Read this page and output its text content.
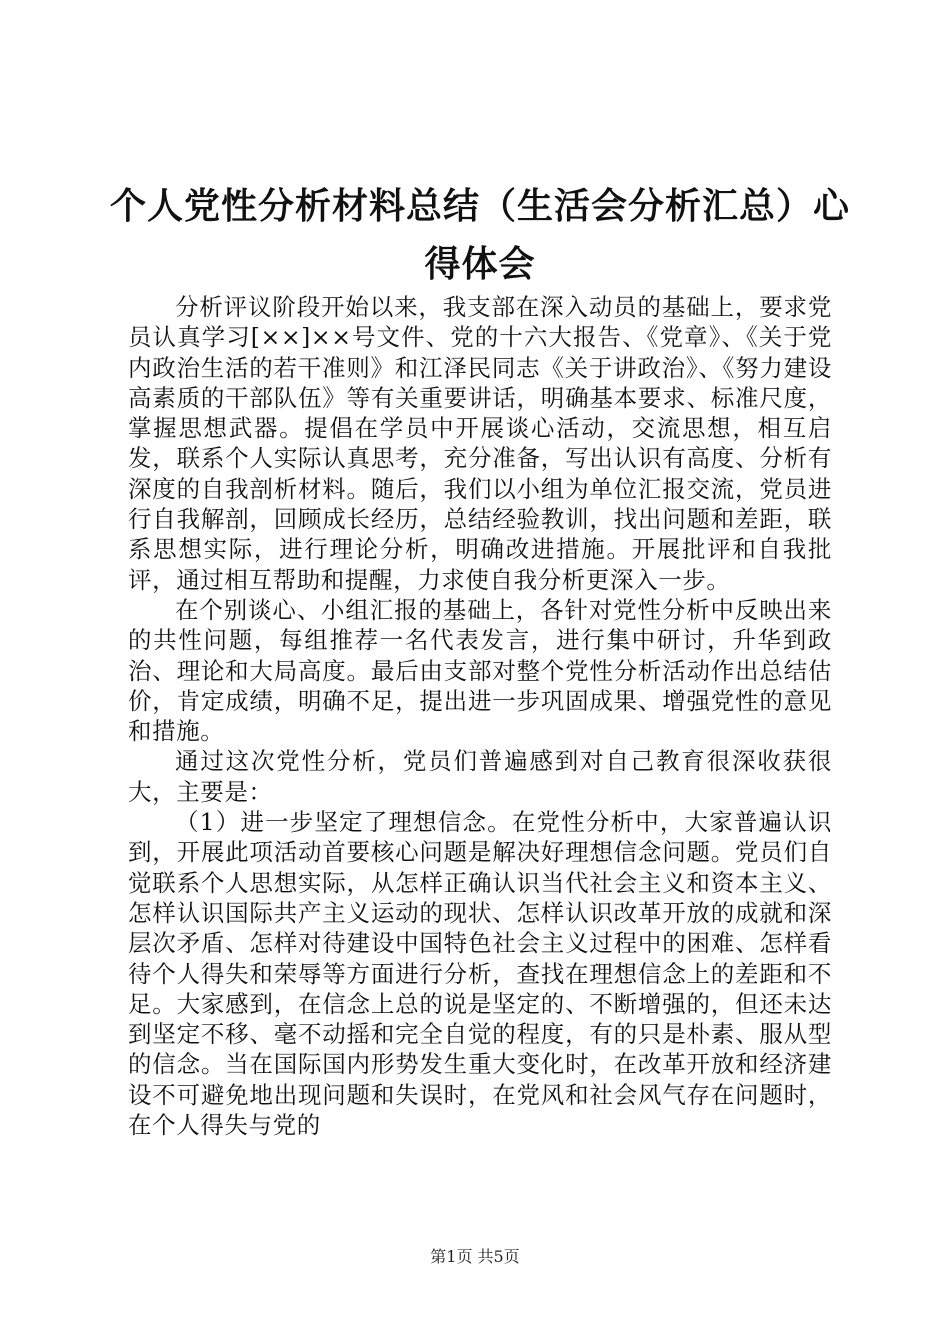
个人党性分析材料总结（生活会分析汇总）心得体会

分析评议阶段开始以来，我支部在深入动员的基础上，要求党员认真学习[××]××号文件、党的十六大报告、《党章》、《关于党内政治生活的若干准则》和江泽民同志《关于讲政治》、《努力建设高素质的干部队伍》等有关重要讲话，明确基本要求、标准尺度，掌握思想武器。提倡在学员中开展谈心活动，交流思想，相互启发，联系个人实际认真思考，充分准备，写出认识有高度、分析有深度的自我剖析材料。随后，我们以小组为单位汇报交流，党员进行自我解剖，回顾成长经历，总结经验教训，找出问题和差距，联系思想实际，进行理论分析，明确改进措施。开展批评和自我批评，通过相互帮助和提醒，力求使自我分析更深入一步。

在个别谈心、小组汇报的基础上，各针对党性分析中反映出来的共性问题，每组推荐一名代表发言，进行集中研讨，升华到政治、理论和大局高度。最后由支部对整个党性分析活动作出总结估价，肯定成绩，明确不足，提出进一步巩固成果、增强党性的意见和措施。

通过这次党性分析，党员们普遍感到对自己教育很深收获很大，主要是：

（1）进一步坚定了理想信念。在党性分析中，大家普遍认识到，开展此项活动首要核心问题是解决好理想信念问题。党员们自觉联系个人思想实际，从怎样正确认识当代社会主义和资本主义、怎样认识国际共产主义运动的现状、怎样认识改革开放的成就和深层次矛盾、怎样对待建设中国特色社会主义过程中的困难、怎样看待个人得失和荣辱等方面进行分析，查找在理想信念上的差距和不足。大家感到，在信念上总的说是坚定的、不断增强的，但还未达到坚定不移、毫不动摇和完全自觉的程度，有的只是朴素、服从型的信念。当在国际国内形势发生重大变化时，在改革开放和经济建设不可避免地出现问题和失误时，在党风和社会风气存在问题时，在个人得失与党的

第1页 共5页
